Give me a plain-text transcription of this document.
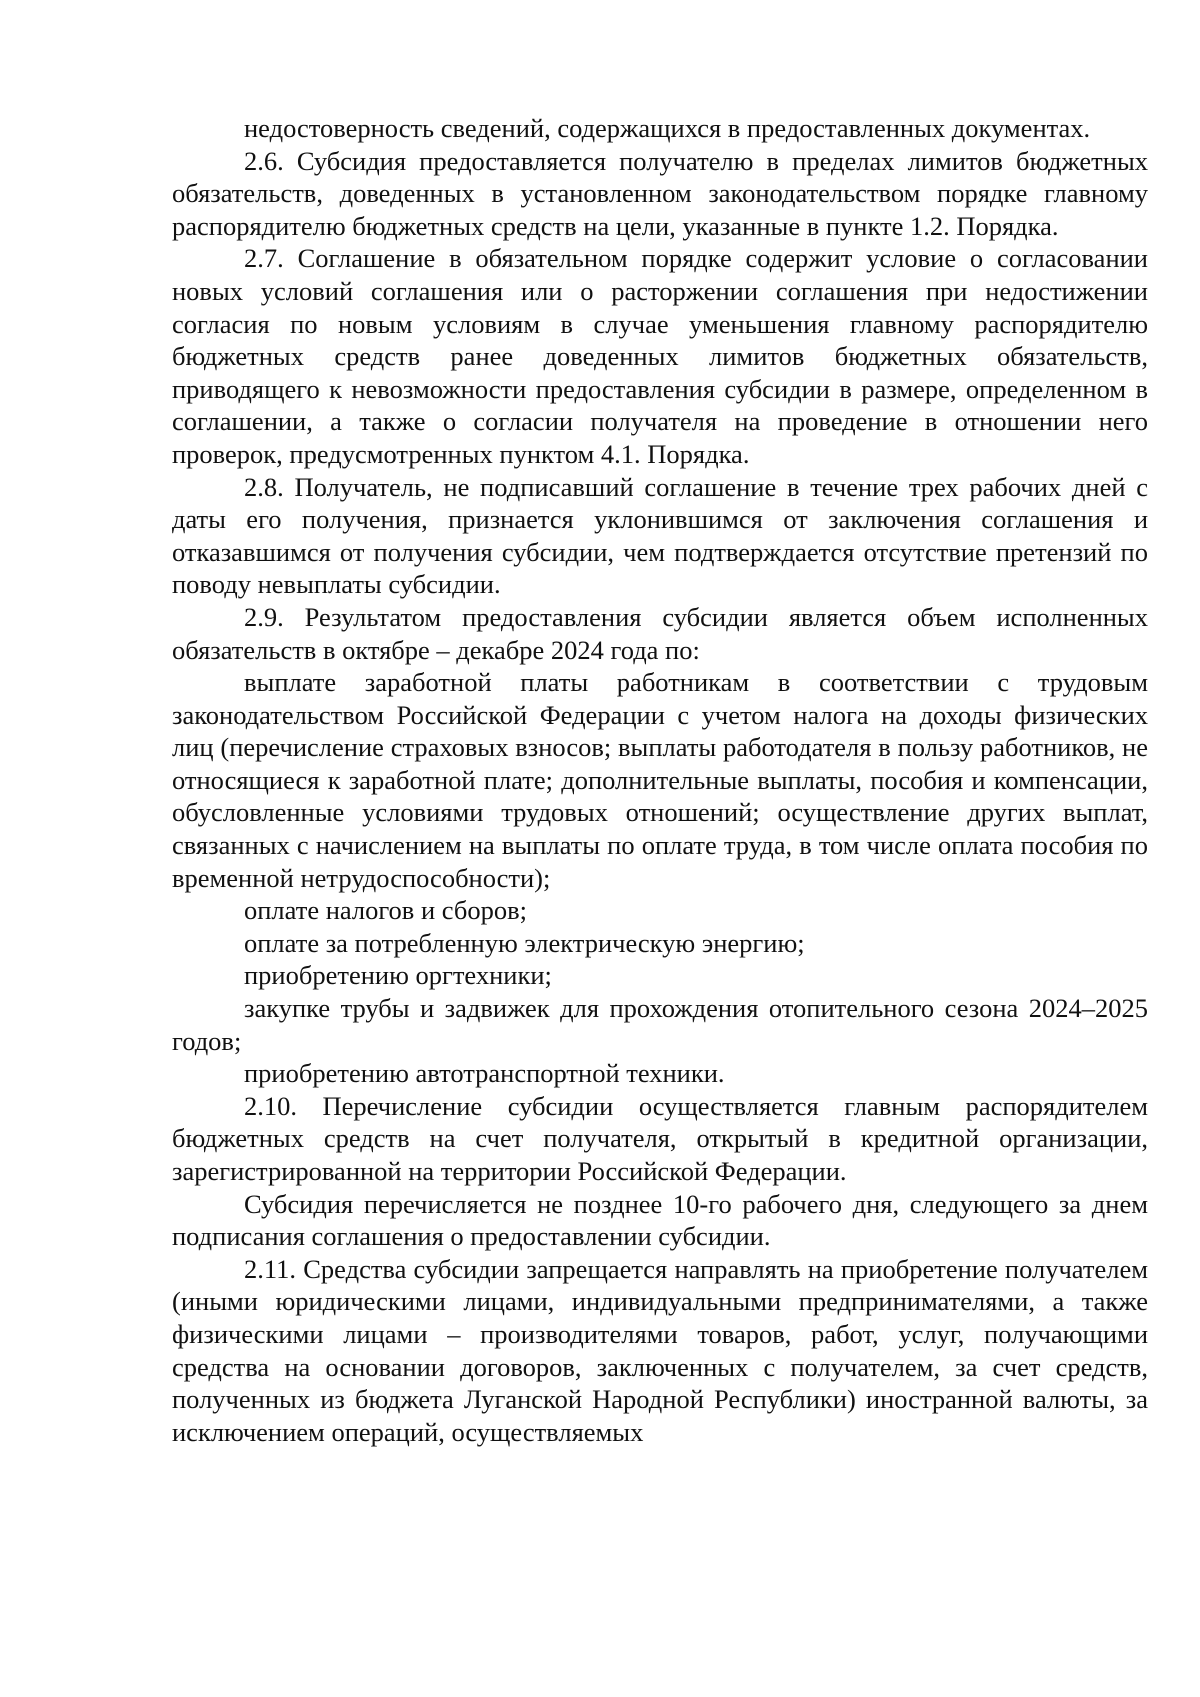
недостоверность сведений, содержащихся в предоставленных документах.

2.6. Субсидия предоставляется получателю в пределах лимитов бюджетных обязательств, доведенных в установленном законодательством порядке главному распорядителю бюджетных средств на цели, указанные в пункте 1.2. Порядка.

2.7. Соглашение в обязательном порядке содержит условие о согласовании новых условий соглашения или о расторжении соглашения при недостижении согласия по новым условиям в случае уменьшения главному распорядителю бюджетных средств ранее доведенных лимитов бюджетных обязательств, приводящего к невозможности предоставления субсидии в размере, определенном в соглашении, а также о согласии получателя на проведение в отношении него проверок, предусмотренных пунктом 4.1. Порядка.

2.8. Получатель, не подписавший соглашение в течение трех рабочих дней с даты его получения, признается уклонившимся от заключения соглашения и отказавшимся от получения субсидии, чем подтверждается отсутствие претензий по поводу невыплаты субсидии.

2.9. Результатом предоставления субсидии является объем исполненных обязательств в октябре – декабре 2024 года по:

выплате заработной платы работникам в соответствии с трудовым законодательством Российской Федерации с учетом налога на доходы физических лиц (перечисление страховых взносов; выплаты работодателя в пользу работников, не относящиеся к заработной плате; дополнительные выплаты, пособия и компенсации, обусловленные условиями трудовых отношений; осуществление других выплат, связанных с начислением на выплаты по оплате труда, в том числе оплата пособия по временной нетрудоспособности);

оплате налогов и сборов;

оплате за потребленную электрическую энергию;

приобретению оргтехники;

закупке трубы и задвижек для прохождения отопительного сезона 2024–2025 годов;

приобретению автотранспортной техники.

2.10. Перечисление субсидии осуществляется главным распорядителем бюджетных средств на счет получателя, открытый в кредитной организации, зарегистрированной на территории Российской Федерации.

Субсидия перечисляется не позднее 10-го рабочего дня, следующего за днем подписания соглашения о предоставлении субсидии.

2.11. Средства субсидии запрещается направлять на приобретение получателем (иными юридическими лицами, индивидуальными предпринимателями, а также физическими лицами – производителями товаров, работ, услуг, получающими средства на основании договоров, заключенных с получателем, за счет средств, полученных из бюджета Луганской Народной Республики) иностранной валюты, за исключением операций, осуществляемых
